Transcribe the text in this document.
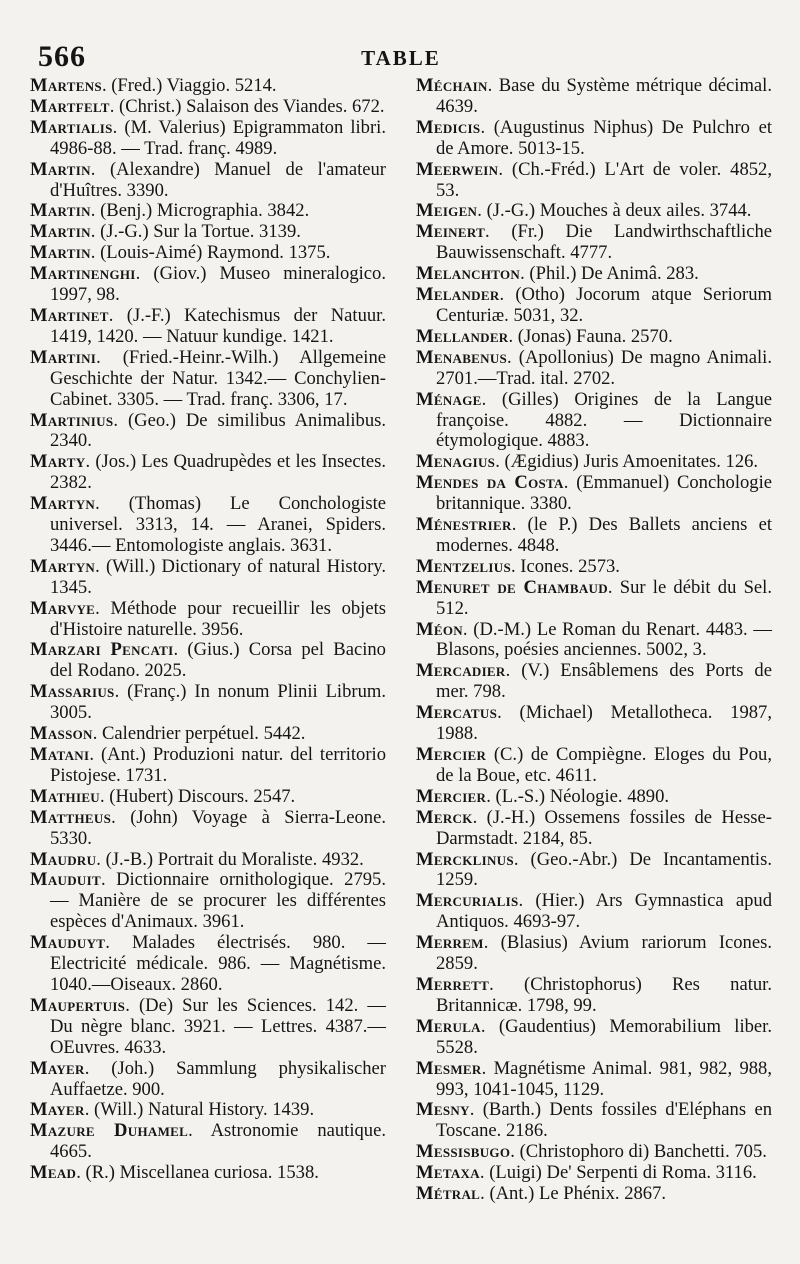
566	TABLE

Martens. (Fred.) Viaggio. 5214.

Martfelt. (Christ.) Salaison des Viandes. 672.

Martialis. (M. Valerius) Epigrammaton libri. 4986-88. — Trad. franç. 4989.

Martin. (Alexandre) Manuel de l'amateur d'Huîtres. 3390.

Martin. (Benj.) Micrographia. 3842.

Martin. (J.-G.) Sur la Tortue. 3139.

Martin. (Louis-Aimé) Raymond. 1375.

Martinenghi. (Giov.) Museo mineralogico. 1997, 98.

Martinet. (J.-F.) Katechismus der Natuur. 1419, 1420. — Natuur kundige. 1421.

Martini. (Fried.-Heinr.-Wilh.) Allgemeine Geschichte der Natur. 1342.— Conchylien-Cabinet. 3305. — Trad. franç. 3306, 17.

Martinius. (Geo.) De similibus Animalibus. 2340.

Marty. (Jos.) Les Quadrupèdes et les Insectes. 2382.

Martyn. (Thomas) Le Conchologiste universel. 3313, 14. — Aranei, Spiders. 3446.— Entomologiste anglais. 3631.

Martyn. (Will.) Dictionary of natural History. 1345.

Marvye. Méthode pour recueillir les objets d'Histoire naturelle. 3956.

Marzari Pencati. (Gius.) Corsa pel Bacino del Rodano. 2025.

Massarius. (Franç.) In nonum Plinii Librum. 3005.

Masson. Calendrier perpétuel. 5442.

Matani. (Ant.) Produzioni natur. del territorio Pistojese. 1731.

Mathieu. (Hubert) Discours. 2547.

Mattheus. (John) Voyage à Sierra-Leone. 5330.

Maudru. (J.-B.) Portrait du Moraliste. 4932.

Mauduit. Dictionnaire ornithologique. 2795. — Manière de se procurer les différentes espèces d'Animaux. 3961.

Mauduyt. Malades électrisés. 980. — Electricité médicale. 986. — Magnétisme. 1040.—Oiseaux. 2860.

Maupertuis. (De) Sur les Sciences. 142. — Du nègre blanc. 3921. — Lettres. 4387.—OEuvres. 4633.

Mayer. (Joh.) Sammlung physikalischer Auffaetze. 900.

Mayer. (Will.) Natural History. 1439.

Mazure Duhamel. Astronomie nautique. 4665.

Mead. (R.) Miscellanea curiosa. 1538.

Méchain. Base du Système métrique décimal. 4639.

Medicis. (Augustinus Niphus) De Pulchro et de Amore. 5013-15.

Meerwein. (Ch.-Fréd.) L'Art de voler. 4852, 53.

Meigen. (J.-G.) Mouches à deux ailes. 3744.

Meinert. (Fr.) Die Landwirthschaftliche Bauwissenschaft. 4777.

Melanchton. (Phil.) De Animâ. 283.

Melander. (Otho) Jocorum atque Seriorum Centuriæ. 5031, 32.

Mellander. (Jonas) Fauna. 2570.

Menabenus. (Apollonius) De magno Animali. 2701.—Trad. ital. 2702.

Ménage. (Gilles) Origines de la Langue françoise. 4882. — Dictionnaire étymologique. 4883.

Menagius. (Ægidius) Juris Amoenitates. 126.

Mendes da Costa. (Emmanuel) Conchologie britannique. 3380.

Ménestrier. (le P.) Des Ballets anciens et modernes. 4848.

Mentzelius. Icones. 2573.

Menuret de Chambaud. Sur le débit du Sel. 512.

Méon. (D.-M.) Le Roman du Renart. 4483. — Blasons, poésies anciennes. 5002, 3.

Mercadier. (V.) Ensâblemens des Ports de mer. 798.

Mercatus. (Michael) Metallotheca. 1987, 1988.

Mercier (C.) de Compiègne. Eloges du Pou, de la Boue, etc. 4611.

Mercier. (L.-S.) Néologie. 4890.

Merck. (J.-H.) Ossemens fossiles de Hesse-Darmstadt. 2184, 85.

Mercklinus. (Geo.-Abr.) De Incantamentis. 1259.

Mercurialis. (Hier.) Ars Gymnastica apud Antiquos. 4693-97.

Merrem. (Blasius) Avium rariorum Icones. 2859.

Merrett. (Christophorus) Res natur. Britannicæ. 1798, 99.

Merula. (Gaudentius) Memorabilium liber. 5528.

Mesmer. Magnétisme Animal. 981, 982, 988, 993, 1041-1045, 1129.

Mesny. (Barth.) Dents fossiles d'Eléphans en Toscane. 2186.

Messisbugo. (Christophoro di) Banchetti. 705.

Metaxa. (Luigi) De' Serpenti di Roma. 3116.

Métral. (Ant.) Le Phénix. 2867.
